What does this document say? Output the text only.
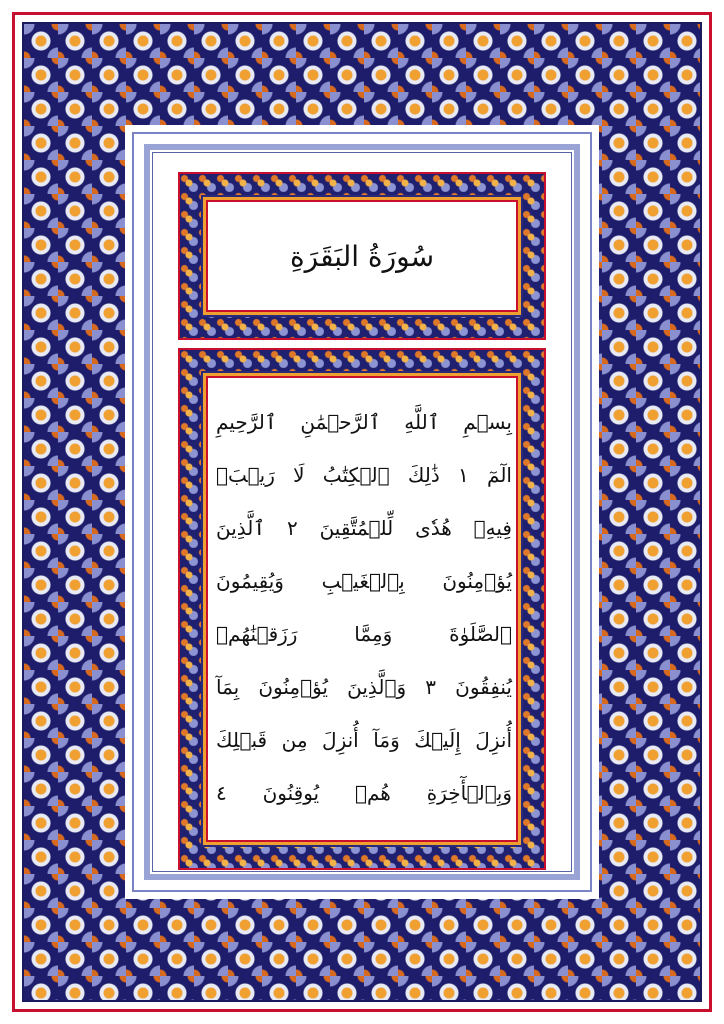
سُورَةُ البَقَرَةِ
بِسۡمِ ٱللَّهِ ٱلرَّحۡمَٰنِ ٱلرَّحِيمِ
الٓمٓ ١ ذَٰلِكَ ٱلۡكِتَٰبُ لَا رَيۡبَۛ
فِيهِۛ هُدٗى لِّلۡمُتَّقِينَ ٢ ٱلَّذِينَ
يُؤۡمِنُونَ بِٱلۡغَيۡبِ وَيُقِيمُونَ
ٱلصَّلَوٰةَ وَمِمَّا رَزَقۡنَٰهُمۡ
يُنفِقُونَ ٣ وَٱلَّذِينَ يُؤۡمِنُونَ بِمَآ
أُنزِلَ إِلَيۡكَ وَمَآ أُنزِلَ مِن قَبۡلِكَ
وَبِٱلۡأٓخِرَةِ هُمۡ يُوقِنُونَ ٤
